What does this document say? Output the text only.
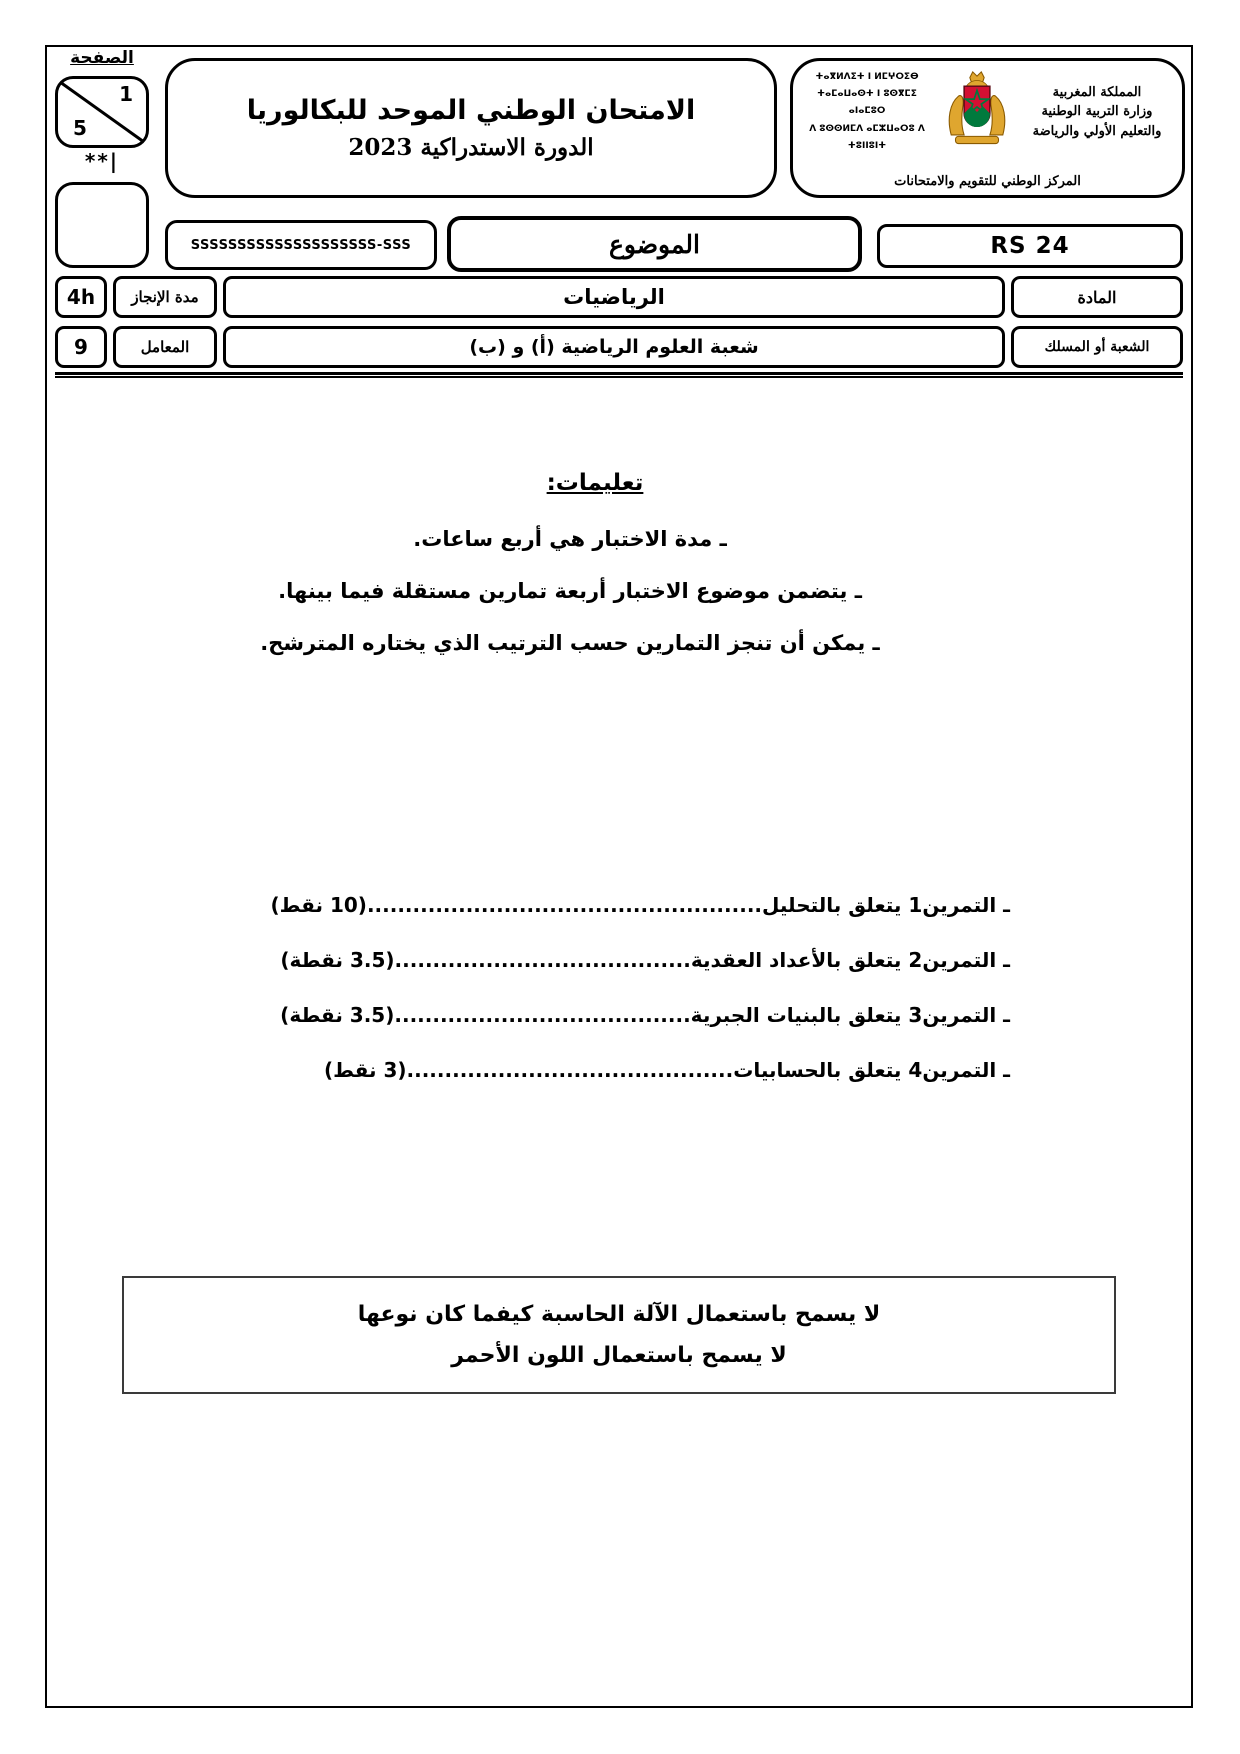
الصفحة
1
5
**|
الامتحان الوطني الموحد للبكالوريا
الدورة الاستدراكية 2023
ⵜⴰⴳⵍⴷⵉⵜ ⵏ ⵍⵎⵖⵔⵉⴱ
ⵜⴰⵎⴰⵡⴰⵙⵜ ⵏ ⵓⵙⴳⵎⵉ ⴰⵏⴰⵎⵓⵔ
ⴷ ⵓⵙⵙⵍⵎⴷ ⴰⵎⵣⵡⴰⵔⵓ ⴷ ⵜⵓⵏⵏⵓⵏⵜ
المملكة المغربية
وزارة التربية الوطنية
والتعليم الأولي والرياضة
المركز الوطني للتقويم والامتحانات
SSSSSSSSSSSSSSSSSSSS-SSS	الموضوع	RS 24
4h	مدة الإنجاز	الرياضيات	المادة
9	المعامل	شعبة العلوم الرياضية (أ) و (ب)	الشعبة أو المسلك
تعليمات:
ـ مدة الاختبار هي أربع ساعات.
ـ يتضمن موضوع الاختبار أربعة تمارين مستقلة فيما بينها.
ـ يمكن أن تنجز التمارين حسب الترتيب الذي يختاره المترشح.
ـ التمرين1 يتعلق بالتحليل....................................................(10 نقط)
ـ التمرين2 يتعلق بالأعداد العقدية.......................................(3.5 نقطة)
ـ التمرين3 يتعلق بالبنيات الجبرية.......................................(3.5 نقطة)
ـ التمرين4 يتعلق بالحسابيات...........................................(3 نقط)
لا يسمح باستعمال الآلة الحاسبة كيفما كان نوعها
لا يسمح باستعمال اللون الأحمر
